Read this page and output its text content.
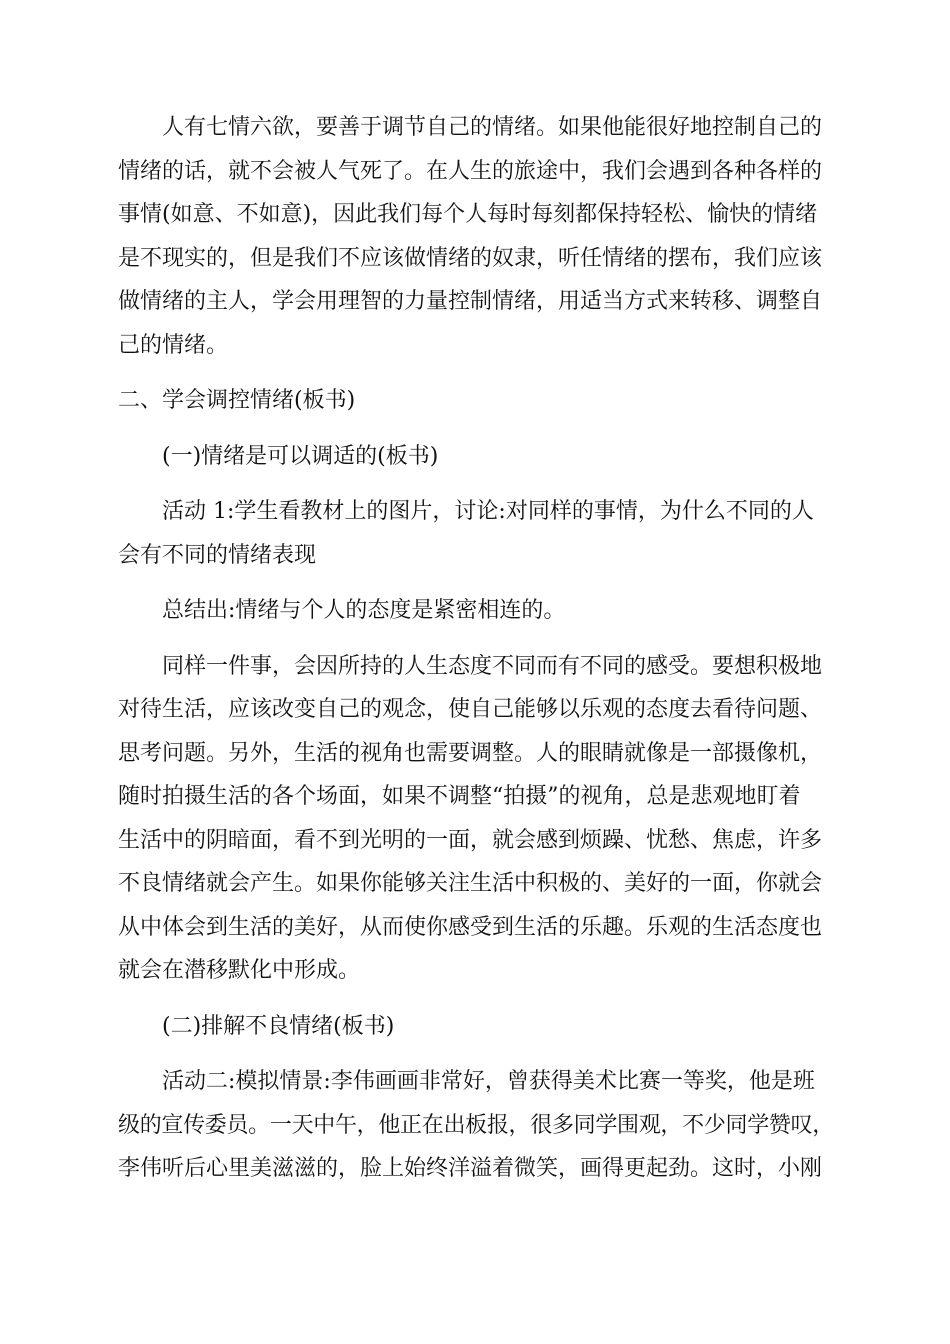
人有七情六欲，要善于调节自己的情绪。如果他能很好地控制自己的
情绪的话，就不会被人气死了。在人生的旅途中，我们会遇到各种各样的
事情(如意、不如意)，因此我们每个人每时每刻都保持轻松、愉快的情绪
是不现实的，但是我们不应该做情绪的奴隶，听任情绪的摆布，我们应该
做情绪的主人，学会用理智的力量控制情绪，用适当方式来转移、调整自
己的情绪。

二、学会调控情绪(板书)

(一)情绪是可以调适的(板书)

活动 1:学生看教材上的图片，讨论:对同样的事情，为什么不同的人
会有不同的情绪表现

总结出:情绪与个人的态度是紧密相连的。

同样一件事，会因所持的人生态度不同而有不同的感受。要想积极地
对待生活，应该改变自己的观念，使自己能够以乐观的态度去看待问题、
思考问题。另外，生活的视角也需要调整。人的眼睛就像是一部摄像机，
随时拍摄生活的各个场面，如果不调整“拍摄”的视角，总是悲观地盯着
生活中的阴暗面，看不到光明的一面，就会感到烦躁、忧愁、焦虑，许多
不良情绪就会产生。如果你能够关注生活中积极的、美好的一面，你就会
从中体会到生活的美好，从而使你感受到生活的乐趣。乐观的生活态度也
就会在潜移默化中形成。

(二)排解不良情绪(板书)

活动二:模拟情景:李伟画画非常好，曾获得美术比赛一等奖，他是班
级的宣传委员。一天中午，他正在出板报，很多同学围观，不少同学赞叹，
李伟听后心里美滋滋的，脸上始终洋溢着微笑，画得更起劲。这时，小刚
